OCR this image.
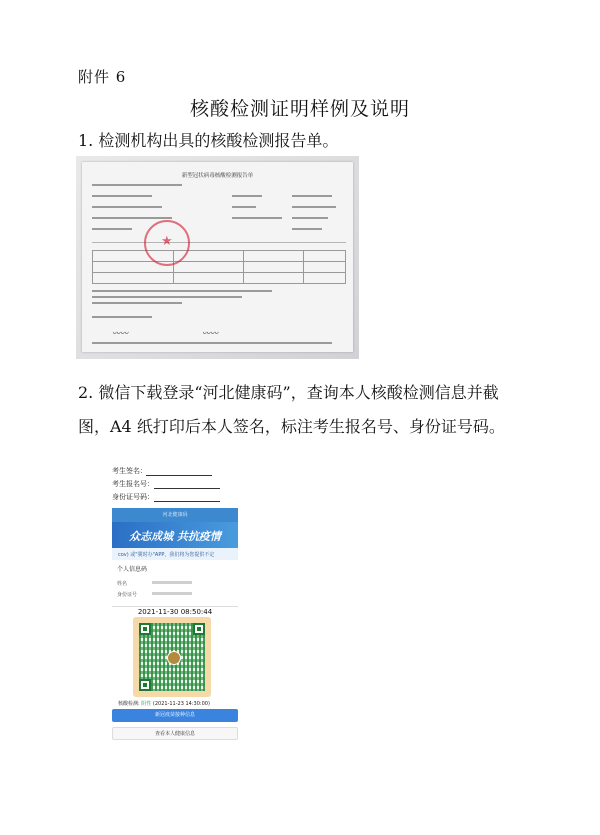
附件 6
核酸检测证明样例及说明
1. 检测机构出具的核酸检测报告单。
新型冠状病毒核酸检测报告单
★
〰〰	〰〰
2. 微信下载登录“河北健康码”，查询本人核酸检测信息并截图，A4 纸打印后本人签名，标注考生报名号、身份证号码。
考生签名：
考生报名号：
身份证号码：
河北健康码
众志成城 共抗疫情
cov) 或"冀时办"APP，我们将为您提供不定
个人信息码
姓名
身份证号
2021-11-30 08:50:44
核酸检测: 阴性 (2021-11-23 14:30:00)
新冠疫苗接种信息
查看本人健康信息
